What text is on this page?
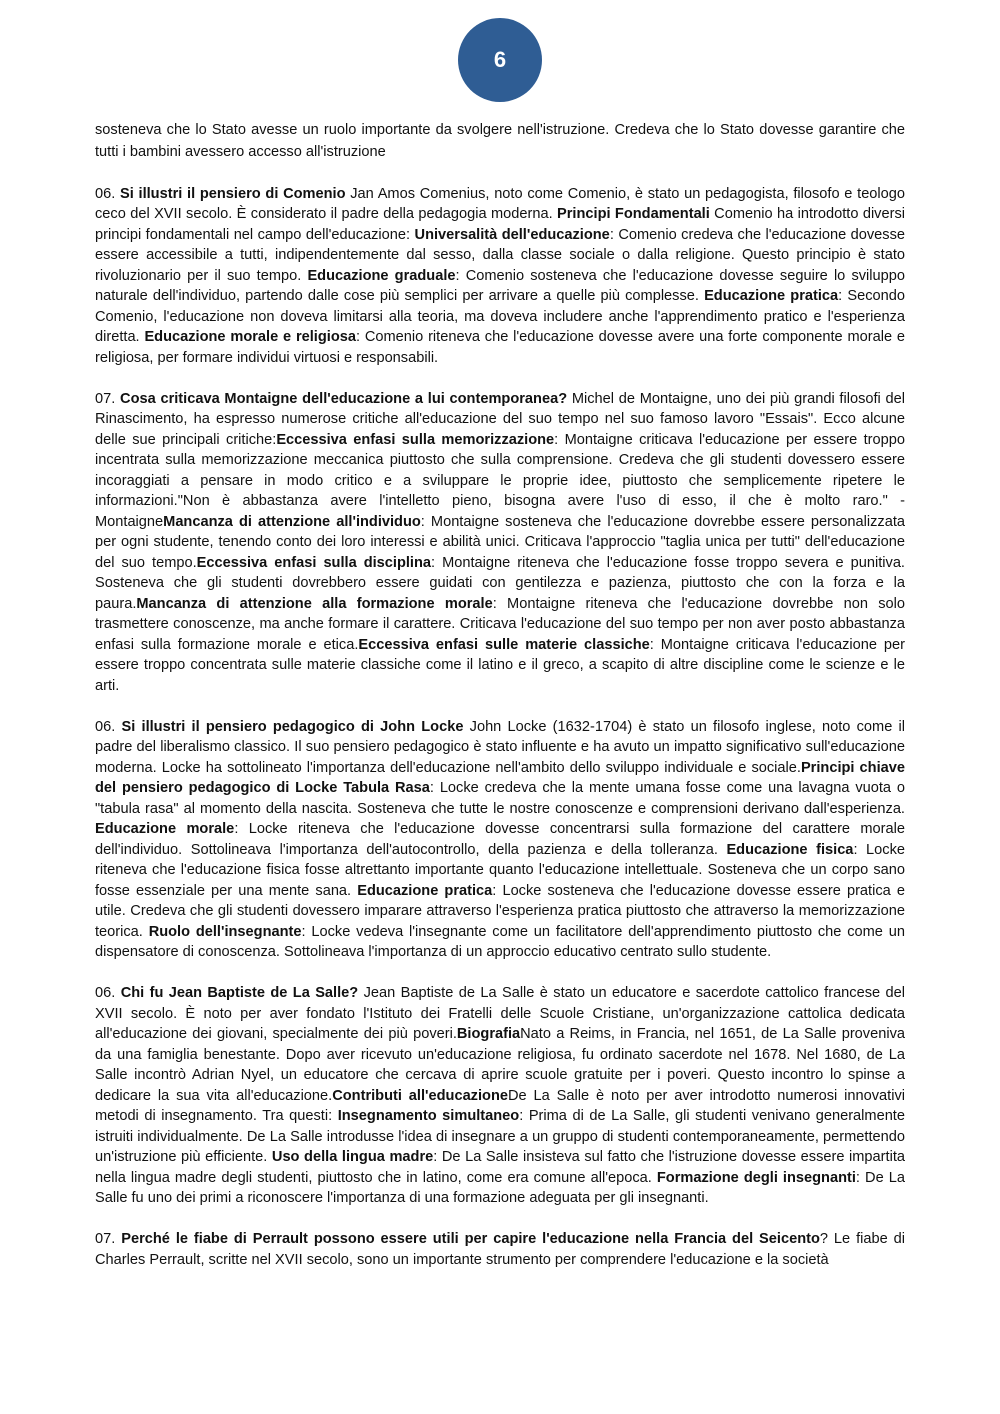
6

sosteneva che lo Stato avesse un ruolo importante da svolgere nell'istruzione. Credeva che lo Stato dovesse garantire che tutti i bambini avessero accesso all'istruzione

06. Si illustri il pensiero di Comenio Jan Amos Comenius, noto come Comenio, è stato un pedagogista, filosofo e teologo ceco del XVII secolo. È considerato il padre della pedagogia moderna. Principi Fondamentali Comenio ha introdotto diversi principi fondamentali nel campo dell'educazione: Universalità dell'educazione: Comenio credeva che l'educazione dovesse essere accessibile a tutti, indipendentemente dal sesso, dalla classe sociale o dalla religione. Questo principio è stato rivoluzionario per il suo tempo. Educazione graduale: Comenio sosteneva che l'educazione dovesse seguire lo sviluppo naturale dell'individuo, partendo dalle cose più semplici per arrivare a quelle più complesse. Educazione pratica: Secondo Comenio, l'educazione non doveva limitarsi alla teoria, ma doveva includere anche l'apprendimento pratico e l'esperienza diretta. Educazione morale e religiosa: Comenio riteneva che l'educazione dovesse avere una forte componente morale e religiosa, per formare individui virtuosi e responsabili.

07. Cosa criticava Montaigne dell'educazione a lui contemporanea? Michel de Montaigne, uno dei più grandi filosofi del Rinascimento, ha espresso numerose critiche all'educazione del suo tempo nel suo famoso lavoro "Essais". Ecco alcune delle sue principali critiche:Eccessiva enfasi sulla memorizzazione: Montaigne criticava l'educazione per essere troppo incentrata sulla memorizzazione meccanica piuttosto che sulla comprensione. Credeva che gli studenti dovessero essere incoraggiati a pensare in modo critico e a sviluppare le proprie idee, piuttosto che semplicemente ripetere le informazioni."Non è abbastanza avere l'intelletto pieno, bisogna avere l'uso di esso, il che è molto raro." - MontaigneMancanza di attenzione all'individuo: Montaigne sosteneva che l'educazione dovrebbe essere personalizzata per ogni studente, tenendo conto dei loro interessi e abilità unici. Criticava l'approccio "taglia unica per tutti" dell'educazione del suo tempo.Eccessiva enfasi sulla disciplina: Montaigne riteneva che l'educazione fosse troppo severa e punitiva. Sosteneva che gli studenti dovrebbero essere guidati con gentilezza e pazienza, piuttosto che con la forza e la paura.Mancanza di attenzione alla formazione morale: Montaigne riteneva che l'educazione dovrebbe non solo trasmettere conoscenze, ma anche formare il carattere. Criticava l'educazione del suo tempo per non aver posto abbastanza enfasi sulla formazione morale e etica.Eccessiva enfasi sulle materie classiche: Montaigne criticava l'educazione per essere troppo concentrata sulle materie classiche come il latino e il greco, a scapito di altre discipline come le scienze e le arti.

06. Si illustri il pensiero pedagogico di John Locke John Locke (1632-1704) è stato un filosofo inglese, noto come il padre del liberalismo classico. Il suo pensiero pedagogico è stato influente e ha avuto un impatto significativo sull'educazione moderna. Locke ha sottolineato l'importanza dell'educazione nell'ambito dello sviluppo individuale e sociale.Principi chiave del pensiero pedagogico di Locke Tabula Rasa: Locke credeva che la mente umana fosse come una lavagna vuota o "tabula rasa" al momento della nascita. Sosteneva che tutte le nostre conoscenze e comprensioni derivano dall'esperienza. Educazione morale: Locke riteneva che l'educazione dovesse concentrarsi sulla formazione del carattere morale dell'individuo. Sottolineava l'importanza dell'autocontrollo, della pazienza e della tolleranza. Educazione fisica: Locke riteneva che l'educazione fisica fosse altrettanto importante quanto l'educazione intellettuale. Sosteneva che un corpo sano fosse essenziale per una mente sana. Educazione pratica: Locke sosteneva che l'educazione dovesse essere pratica e utile. Credeva che gli studenti dovessero imparare attraverso l'esperienza pratica piuttosto che attraverso la memorizzazione teorica. Ruolo dell'insegnante: Locke vedeva l'insegnante come un facilitatore dell'apprendimento piuttosto che come un dispensatore di conoscenza. Sottolineava l'importanza di un approccio educativo centrato sullo studente.

06. Chi fu Jean Baptiste de La Salle? Jean Baptiste de La Salle è stato un educatore e sacerdote cattolico francese del XVII secolo. È noto per aver fondato l'Istituto dei Fratelli delle Scuole Cristiane, un'organizzazione cattolica dedicata all'educazione dei giovani, specialmente dei più poveri.BiografiaNato a Reims, in Francia, nel 1651, de La Salle proveniva da una famiglia benestante. Dopo aver ricevuto un'educazione religiosa, fu ordinato sacerdote nel 1678. Nel 1680, de La Salle incontrò Adrian Nyel, un educatore che cercava di aprire scuole gratuite per i poveri. Questo incontro lo spinse a dedicare la sua vita all'educazione.Contributi all'educazioneDe La Salle è noto per aver introdotto numerosi innovativi metodi di insegnamento. Tra questi: Insegnamento simultaneo: Prima di de La Salle, gli studenti venivano generalmente istruiti individualmente. De La Salle introdusse l'idea di insegnare a un gruppo di studenti contemporaneamente, permettendo un'istruzione più efficiente. Uso della lingua madre: De La Salle insisteva sul fatto che l'istruzione dovesse essere impartita nella lingua madre degli studenti, piuttosto che in latino, come era comune all'epoca. Formazione degli insegnanti: De La Salle fu uno dei primi a riconoscere l'importanza di una formazione adeguata per gli insegnanti.

07. Perché le fiabe di Perrault possono essere utili per capire l'educazione nella Francia del Seicento? Le fiabe di Charles Perrault, scritte nel XVII secolo, sono un importante strumento per comprendere l'educazione e la società
